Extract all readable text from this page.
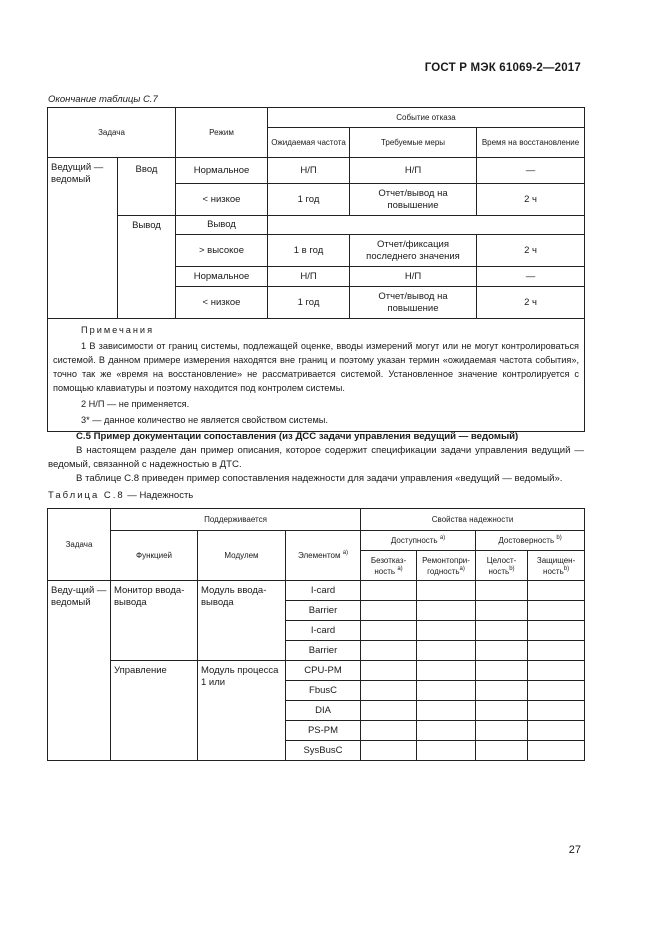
ГОСТ Р МЭК 61069-2—2017
Окончание таблицы С.7
Задача		Режим	Событие отказа		
			Ожидаемая частота	Требуемые меры	Время на восстановление
Ведущий — ведомый	Ввод	Нормальное	Н/П	Н/П	—
		< низкое	1 год	Отчет/вывод на повышение	2 ч
	Вывод	Вывод			
		> высокое	1 в год	Отчет/фиксация последнего значения	2 ч
		Нормальное	Н/П	Н/П	—
		< низкое	1 год	Отчет/вывод на повышение	2 ч

Примечания
1 В зависимости от границ системы, подлежащей оценке, вводы измерений могут или не могут контролироваться системой. В данном примере измерения находятся вне границ и поэтому указан термин «ожидаемая частота события», точно так же «время на восстановление» не рассматривается системой. Установленное значение контролируется с помощью клавиатуры и поэтому находится под контролем системы.
2 Н/П — не применяется.
3* — данное количество не является свойством системы.					

С.5 Пример документации сопоставления (из ДСС задачи управления ведущий — ведомый)

В настоящем разделе дан пример описания, которое содержит спецификации задачи управления ведущий — ведомый, связанной с надежностью в ДТС.

В таблице С.8 приведен пример сопоставления надежности для задачи управления «ведущий — ведомый».

Таблица С.8 — Надежность
Задача	Поддерживается			Свойства надежности			
	Функцией	Модулем	Элементом $^{а)}$	Доступность $^{а)}$		Достоверность $^{b)}$
				Безотказ-ность $^{а)}$	Ремонтопри-годность$^{а)}$	Целост-ность$^{b)}$	Защищен-ность$^{b)}$
Веду-щий — ведомый	Монитор ввода-вывода	Модуль ввода-вывода	I-card				
			Barrier				
			I-card				
			Barrier				
	Управление	Модуль процесса 1 или	CPU-PM				
			FbusC				
			DIA				
			PS-PM				
			SysBusC				
27
